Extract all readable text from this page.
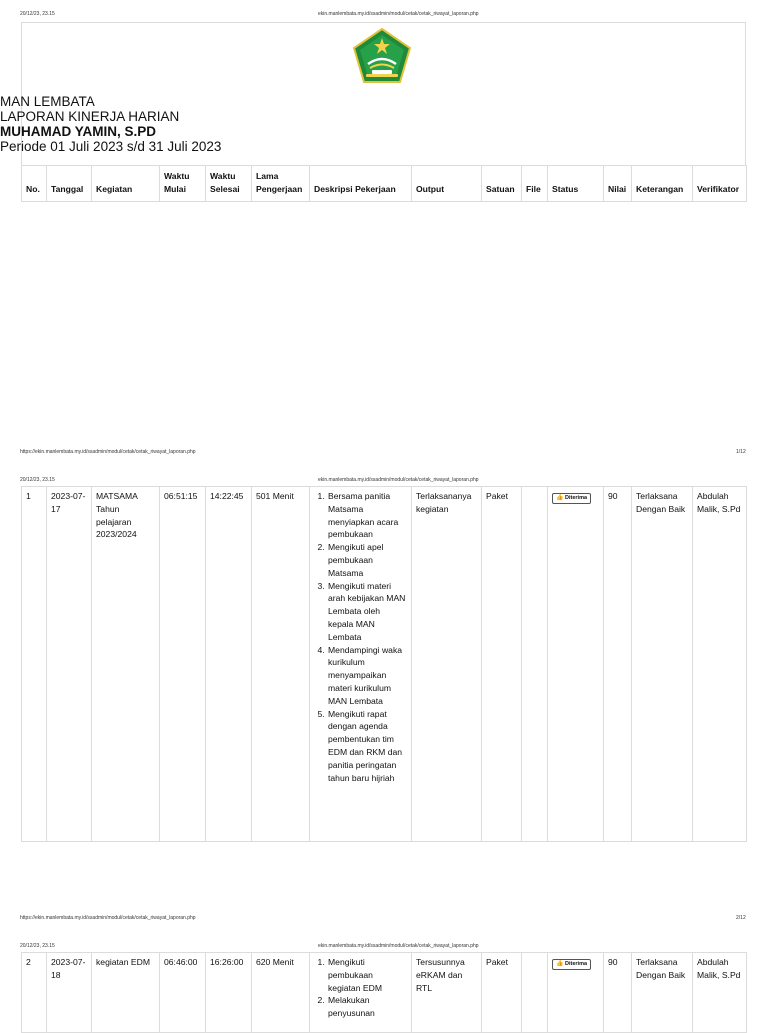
20/12/23, 23.15	ekin.manlembata.my.id/ssadmin/modul/cetak/cetak_riwayat_laporan.php
MAN LEMBATA
LAPORAN KINERJA HARIAN
MUHAMAD YAMIN, S.PD
Periode 01 Juli 2023 s/d 31 Juli 2023
No.	Tanggal	Kegiatan	Waktu Mulai	Waktu Selesai	Lama Pengerjaan	Deskripsi Pekerjaan	Output	Satuan	File	Status	Nilai	Keterangan	Verifikator
https://ekin.manlembata.my.id/ssadmin/modul/cetak/cetak_riwayat_laporan.php	1/12
20/12/23, 23.15	ekin.manlembata.my.id/ssadmin/modul/cetak/cetak_riwayat_laporan.php
1	2023-07-17	MATSAMA Tahun pelajaran 2023/2024	06:51:15	14:22:45	501 Menit	
1.Bersama panitia Matsama menyiapkan acara pembukaan
2. Mengikuti apel pembukaan Matsama
3. Mengikuti materi arah kebijakan MAN Lembata oleh kepala MAN Lembata
4. Mendampingi waka kurikulum menyampaikan materi kurikulum MAN Lembata
5. Mengikuti rapat dengan agenda pembentukan tim EDM dan RKM dan panitia peringatan tahun baru hijriah
	Terlaksananya kegiatan	Paket		👍 Diterima	90	Terlaksana Dengan Baik	Abdulah Malik, S.Pd
https://ekin.manlembata.my.id/ssadmin/modul/cetak/cetak_riwayat_laporan.php	2/12
20/12/23, 23.15	ekin.manlembata.my.id/ssadmin/modul/cetak/cetak_riwayat_laporan.php
2	2023-07-18	kegiatan EDM	06:46:00	16:26:00	620 Menit	
1.Mengikuti pembukaan kegiatan EDM
2. Melakukan penyusunan
	Tersusunnya eRKAM dan RTL	Paket		👍 Diterima	90	Terlaksana Dengan Baik	Abdulah Malik, S.Pd
